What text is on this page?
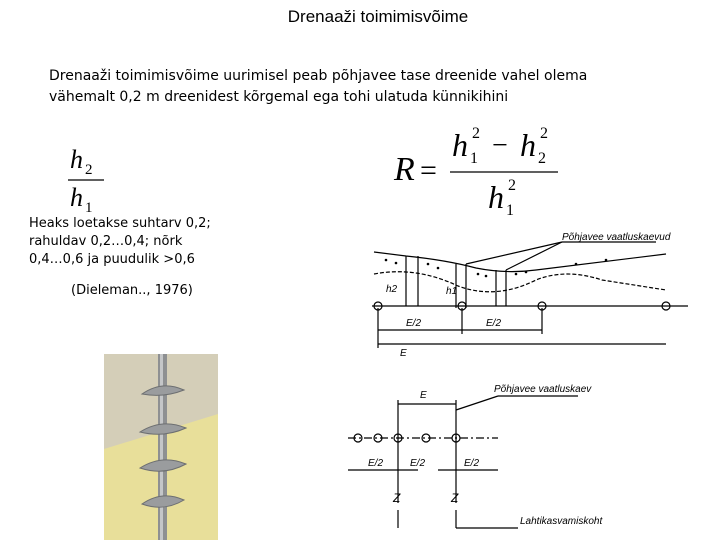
Drenaaži toimimisvõime
Drenaaži toimimisvõime uurimisel peab põhjavee tase dreenide vahel olema
vähemalt 0,2 m dreenidest kõrgemal ega tohi ulatuda künnikihini
h 2
h 1
R =
h 1
2 − h 2
2
h 1
2
Heaks loetakse suhtarv 0,2;
rahuldav 0,2…0,4; nõrk
0,4…0,6 ja puudulik >0,6
(Dieleman.., 1976)
Põhjavee vaatluskaevud
h2	h1
E/2	E/2
E
E
Põhjavee vaatluskaev
E/2	E/2	E/2
Z	Z
Lahtikasvamiskoht
